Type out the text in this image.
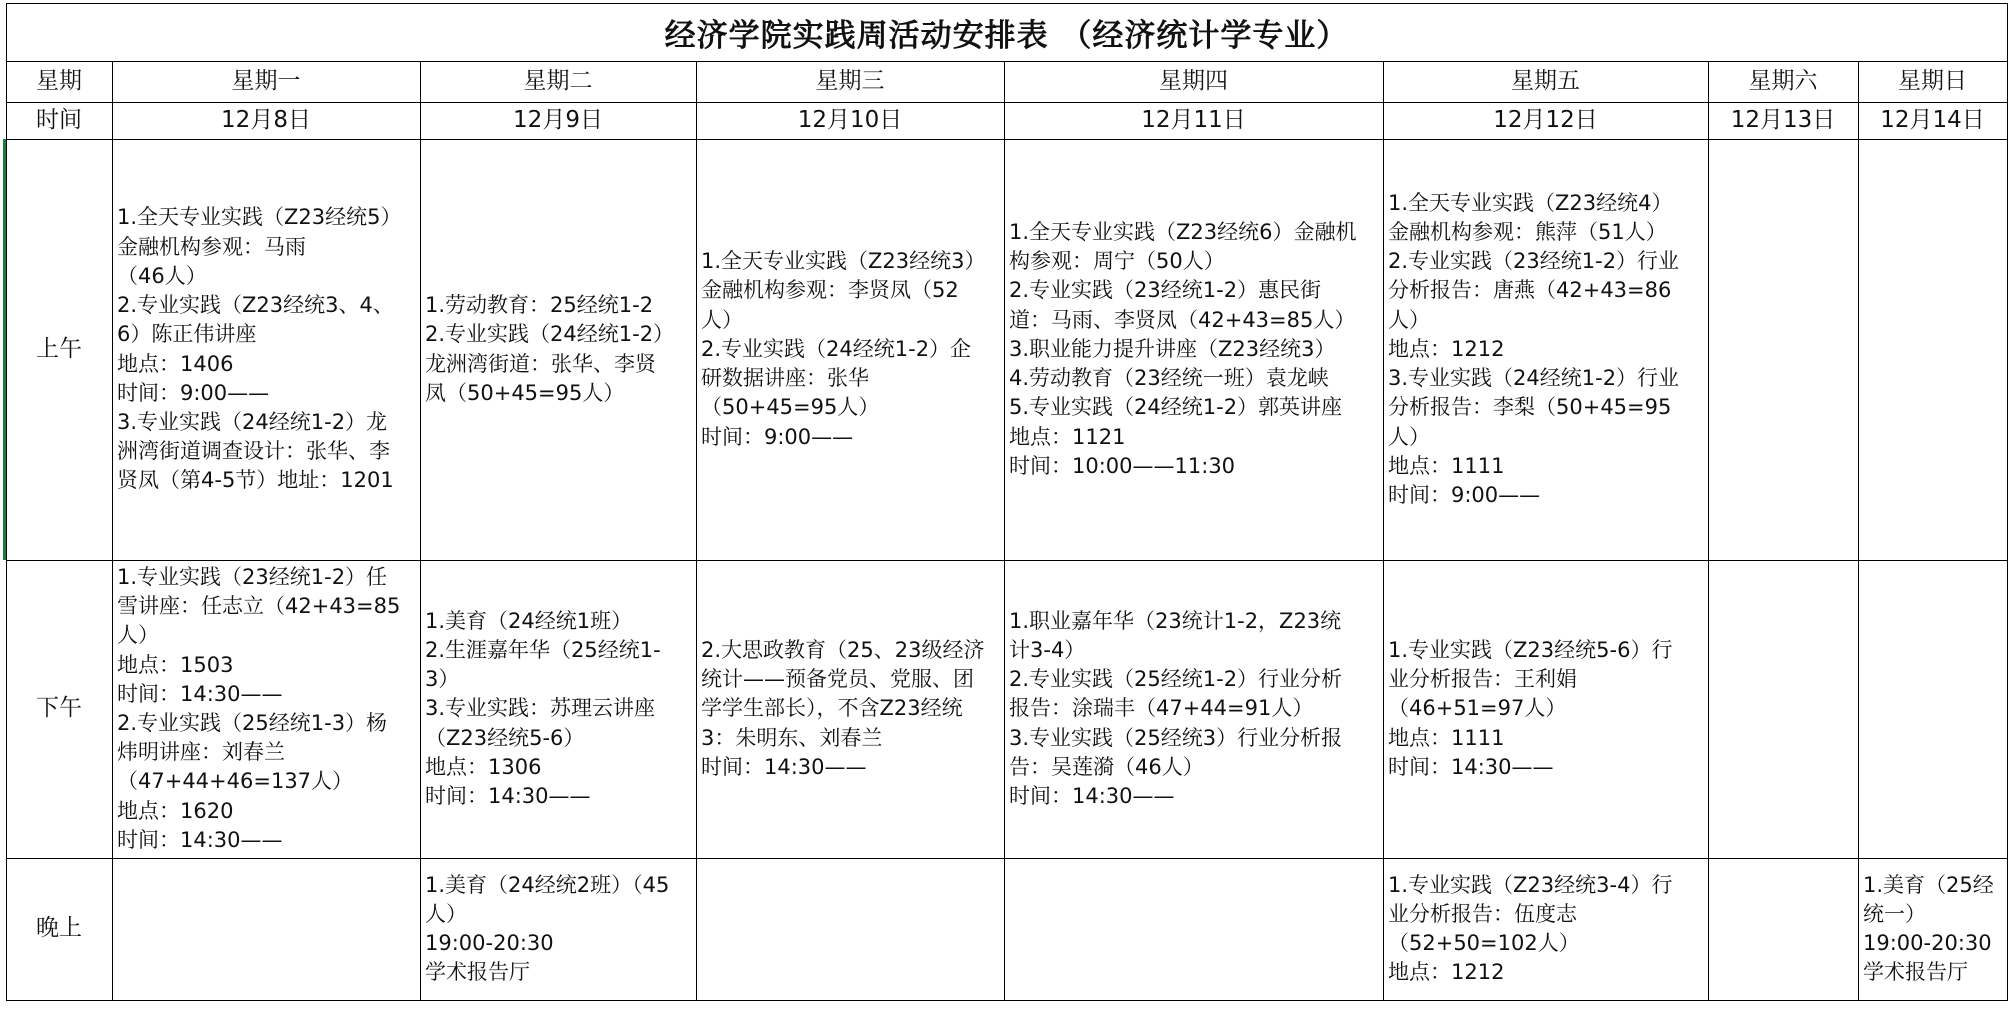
经济学院实践周活动安排表 （经济统计学专业）
星期
时间
星期一
12月8日
星期二
12月9日
星期三
12月10日
星期四
12月11日
星期五
12月12日
星期六
12月13日
星期日
12月14日
上午
1.全天专业实践（Z23经统5）
金融机构参观：马雨
（46人）
2.专业实践（Z23经统3、4、
6）陈正伟讲座
地点：1406
时间：9:00——
3.专业实践（24经统1-2）龙
洲湾街道调查设计：张华、李
贤凤（第4-5节）地址：1201
1.劳动教育：25经统1-2
2.专业实践（24经统1-2）
龙洲湾街道：张华、李贤
凤（50+45=95人）
1.全天专业实践（Z23经统3）
金融机构参观：李贤凤（52
人）
2.专业实践（24经统1-2）企
研数据讲座：张华
（50+45=95人）
时间：9:00——
1.全天专业实践（Z23经统6）金融机
构参观：周宁（50人）
2.专业实践（23经统1-2）惠民街
道：马雨、李贤凤（42+43=85人）
3.职业能力提升讲座（Z23经统3）
4.劳动教育（23经统一班）袁龙峡
5.专业实践（24经统1-2）郭英讲座
地点：1121
时间：10:00——11:30
1.全天专业实践（Z23经统4）
金融机构参观：熊萍（51人）
2.专业实践（23经统1-2）行业
分析报告：唐燕（42+43=86
人）
地点：1212
3.专业实践（24经统1-2）行业
分析报告：李梨（50+45=95
人）
地点：1111
时间：9:00——
下午
1.专业实践（23经统1-2）任
雪讲座：任志立（42+43=85
人）
地点：1503
时间：14:30——
2.专业实践（25经统1-3）杨
炜明讲座：刘春兰
（47+44+46=137人）
地点：1620
时间：14:30——
1.美育（24经统1班）
2.生涯嘉年华（25经统1-
3）
3.专业实践：苏理云讲座
（Z23经统5-6）
地点：1306
时间：14:30——
2.大思政教育（25、23级经济
统计——预备党员、党服、团
学学生部长），不含Z23经统
3：朱明东、刘春兰
时间：14:30——
1.职业嘉年华（23统计1-2，Z23统
计3-4）
2.专业实践（25经统1-2）行业分析
报告：涂瑞丰（47+44=91人）
3.专业实践（25经统3）行业分析报
告：吴莲漪（46人）
时间：14:30——
1.专业实践（Z23经统5-6）行
业分析报告：王利娟
（46+51=97人）
地点：1111
时间：14:30——
晚上
1.美育（24经统2班）（45
人）
19:00-20:30
学术报告厅
1.专业实践（Z23经统3-4）行
业分析报告：伍度志
（52+50=102人）
地点：1212
1.美育（25经
统一）
19:00-20:30
学术报告厅
